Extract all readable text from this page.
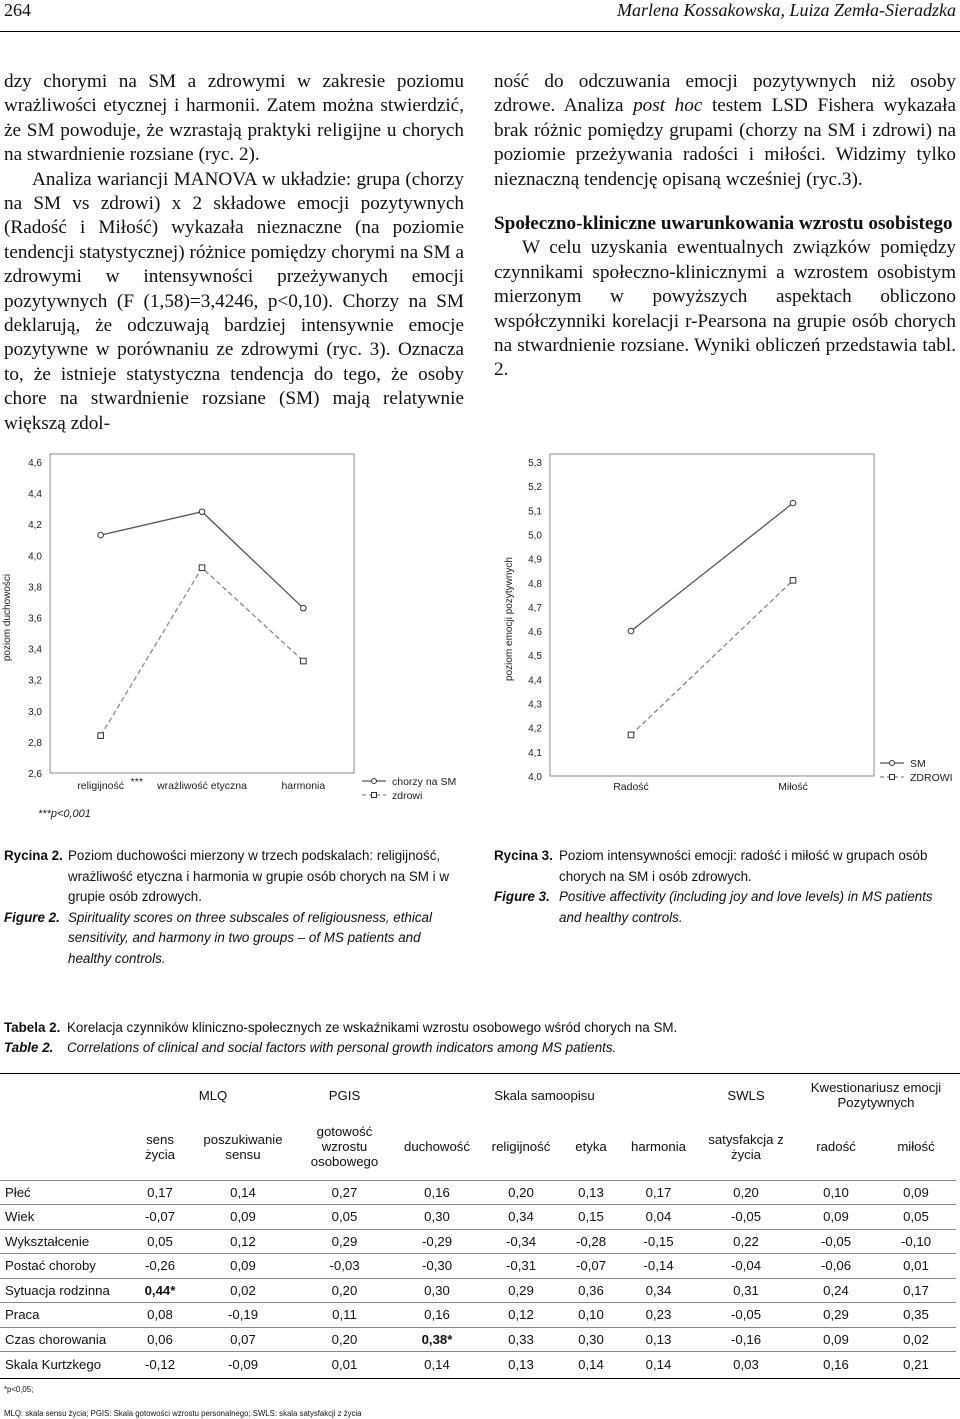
264	Marlena Kossakowska, Luiza Zemła-Sieradzka

dzy chorymi na SM a zdrowymi w zakresie poziomu wrażliwości etycznej i harmonii. Zatem można stwierdzić, że SM powoduje, że wzrastają praktyki religijne u chorych na stwardnienie rozsiane (ryc. 2).

Analiza wariancji MANOVA w układzie: grupa (chorzy na SM vs zdrowi) x 2 składowe emocji pozytywnych (Radość i Miłość) wykazała nieznaczne (na poziomie tendencji statystycznej) różnice pomiędzy chorymi na SM a zdrowymi w intensywności przeżywanych emocji pozytywnych (F (1,58)=3,4246, p<0,10). Chorzy na SM deklarują, że odczuwają bardziej intensywnie emocje pozytywne w porównaniu ze zdrowymi (ryc. 3). Oznacza to, że istnieje statystyczna tendencja do tego, że osoby chore na stwardnienie rozsiane (SM) mają relatywnie większą zdol-

ność do odczuwania emocji pozytywnych niż osoby zdrowe. Analiza post hoc testem LSD Fishera wykazała brak różnic pomiędzy grupami (chorzy na SM i zdrowi) na poziomie przeżywania radości i miłości. Widzimy tylko nieznaczną tendencję opisaną wcześniej (ryc.3).

Społeczno-kliniczne uwarunkowania wzrostu osobistego

W celu uzyskania ewentualnych związków pomiędzy czynnikami społeczno-klinicznymi a wzrostem osobistym mierzonym w powyższych aspektach obliczono współczynniki korelacji r-Pearsona na grupie osób chorych na stwardnienie rozsiane. Wyniki obliczeń przedstawia tabl. 2.

2,6
2,8
3,0
3,2
3,4
3,6
3,8
4,0
4,2
4,4
4,6
poziom duchowości
religijność *** wrażliwość etyczna	harmonia	chorzy na SM
zdrowi
***p<0,001
4,0
4,1
4,2
4,3
4,4
4,5
4,6
4,7
4,8
4,9
5,0
5,1
5,2
5,3
poziom emocji pozytywnych
Radość	Miłość
SM
ZDROWI
Rycina 2. Poziom duchowości mierzony w trzech podskalach: religijność, wrażliwość etyczna i harmonia w grupie osób chorych na SM i w grupie osób zdrowych.
Figure 2. Spirituality scores on three subscales of religiousness, ethical sensitivity, and harmony in two groups – of MS patients and healthy controls.
Rycina 3. Poziom intensywności emocji: radość i miłość w grupach osób chorych na SM i osób zdrowych.
Figure 3. Positive affectivity (including joy and love levels) in MS patients and healthy controls.
Tabela 2. Korelacja czynników kliniczno-społecznych ze wskaźnikami wzrostu osobowego wśród chorych na SM.
Table 2. Correlations of clinical and social factors with personal growth indicators among MS patients.
	MLQ		PGIS	Skala samoopisu				SWLS	Kwestionariusz emocji Pozytywnych	
	sens życia	poszukiwanie sensu	gotowość wzrostu osobowego	duchowość	religijność	etyka	harmonia	satysfakcja z życia	radość	miłość
Płeć	0,17	0,14	0,27	0,16	0,20	0,13	0,17	0,20	0,10	0,09
Wiek	-0,07	0,09	0,05	0,30	0,34	0,15	0,04	-0,05	0,09	0,05
Wykształcenie	0,05	0,12	0,29	-0,29	-0,34	-0,28	-0,15	0,22	-0,05	-0,10
Postać choroby	-0,26	0,09	-0,03	-0,30	-0,31	-0,07	-0,14	-0,04	-0,06	0,01
Sytuacja rodzinna	0,44*	0,02	0,20	0,30	0,29	0,36	0,34	0,31	0,24	0,17
Praca	0,08	-0,19	0,11	0,16	0,12	0,10	0,23	-0,05	0,29	0,35
Czas chorowania	0,06	0,07	0,20	0,38*	0,33	0,30	0,13	-0,16	0,09	0,02
Skala Kurtzkego	-0,12	-0,09	0,01	0,14	0,13	0,14	0,14	0,03	0,16	0,21
*p<0,05;
MLQ: skala sensu życia; PGIS: Skala gotowości wzrostu personalnego; SWLS: skala satysfakcji z życia
